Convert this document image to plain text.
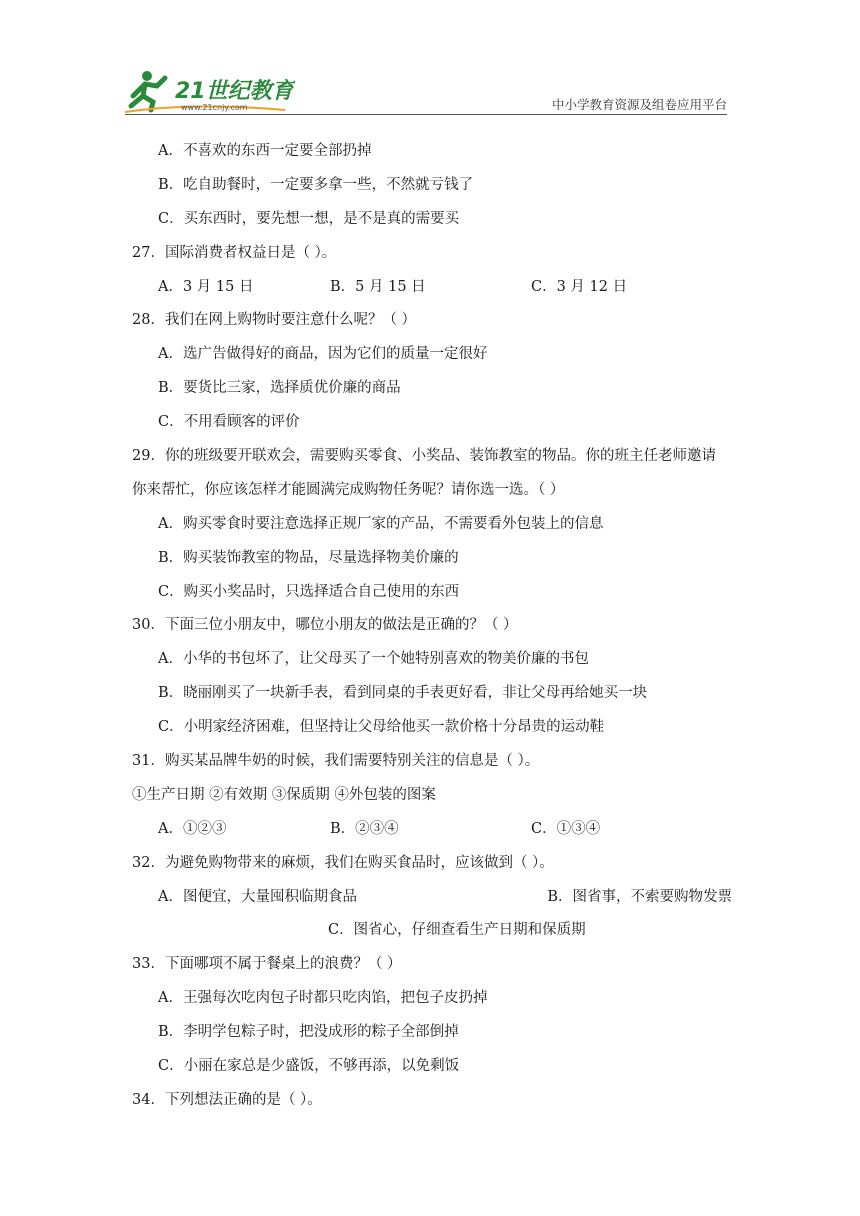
21世纪教育
www.21cnjy.com	中小学教育资源及组卷应用平台
A．不喜欢的东西一定要全部扔掉
B．吃自助餐时，一定要多拿一些，不然就亏钱了
C．买东西时，要先想一想，是不是真的需要买
27．国际消费者权益日是（ ）。
A．3 月 15 日	B．5 月 15 日	C．3 月 12 日
28．我们在网上购物时要注意什么呢？（ ）
A．选广告做得好的商品，因为它们的质量一定很好
B．要货比三家，选择质优价廉的商品
C．不用看顾客的评价
29．你的班级要开联欢会，需要购买零食、小奖品、装饰教室的物品。你的班主任老师邀请
你来帮忙，你应该怎样才能圆满完成购物任务呢？请你选一选。（ ）
A．购买零食时要注意选择正规厂家的产品，不需要看外包装上的信息
B．购买装饰教室的物品，尽量选择物美价廉的
C．购买小奖品时，只选择适合自己使用的东西
30．下面三位小朋友中，哪位小朋友的做法是正确的？（ ）
A．小华的书包坏了，让父母买了一个她特别喜欢的物美价廉的书包
B．晓丽刚买了一块新手表，看到同桌的手表更好看，非让父母再给她买一块
C．小明家经济困难，但坚持让父母给他买一款价格十分昂贵的运动鞋
31．购买某品牌牛奶的时候，我们需要特别关注的信息是（ ）。
①生产日期 ②有效期 ③保质期 ④外包装的图案
A．①②③	B．②③④	C．①③④
32．为避免购物带来的麻烦，我们在购买食品时，应该做到（ ）。
A．图便宜，大量囤积临期食品	B．图省事，不索要购物发票
C．图省心，仔细查看生产日期和保质期
33．下面哪项不属于餐桌上的浪费？（ ）
A．王强每次吃肉包子时都只吃肉馅，把包子皮扔掉
B．李明学包粽子时，把没成形的粽子全部倒掉
C．小丽在家总是少盛饭，不够再添，以免剩饭
34．下列想法正确的是（ ）。
